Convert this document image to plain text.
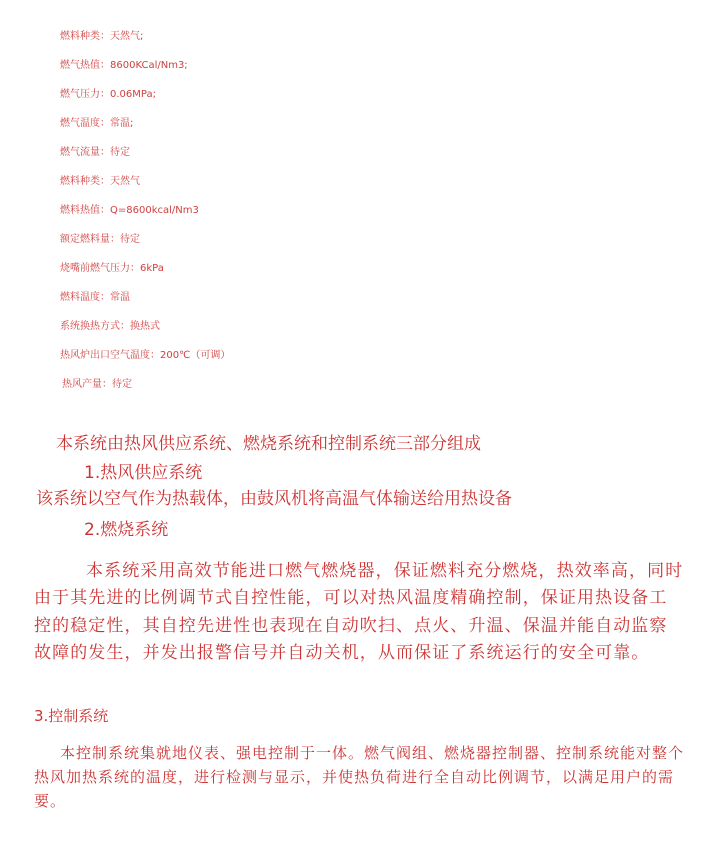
燃料种类：天然气;
燃气热值：8600KCal/Nm3;
燃气压力：0.06MPa;
燃气温度：常温;
燃气流量：待定
燃料种类：天然气
燃料热值：Q=8600kcal/Nm3
额定燃料量：待定
烧嘴前燃气压力：6kPa
燃料温度：常温
系统换热方式：换热式
热风炉出口空气温度：200℃（可调）
热风产量：待定
本系统由热风供应系统、燃烧系统和控制系统三部分组成
1.热风供应系统
该系统以空气作为热载体，由鼓风机将高温气体输送给用热设备
2.燃烧系统
本系统采用高效节能进口燃气燃烧器，保证燃料充分燃烧，热效率高，同时由于其先进的比例调节式自控性能，可以对热风温度精确控制，保证用热设备工控的稳定性，其自控先进性也表现在自动吹扫、点火、升温、保温并能自动监察故障的发生，并发出报警信号并自动关机，从而保证了系统运行的安全可靠。
3.控制系统
本控制系统集就地仪表、强电控制于一体。燃气阀组、燃烧器控制器、控制系统能对整个热风加热系统的温度，进行检测与显示，并使热负荷进行全自动比例调节，以满足用户的需要。
